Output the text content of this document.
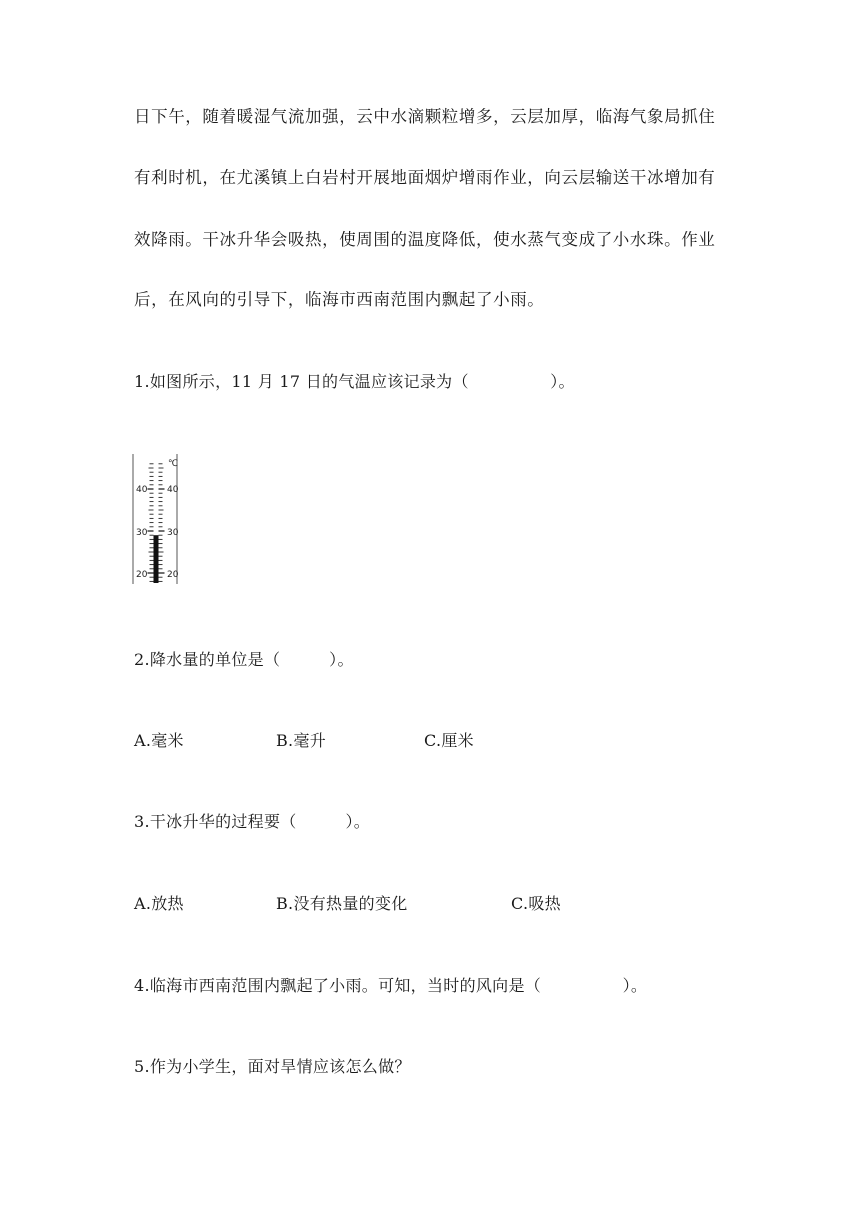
日下午，随着暖湿气流加强，云中水滴颗粒增多，云层加厚，临海气象局抓住
有利时机，在尤溪镇上白岩村开展地面烟炉增雨作业，向云层输送干冰增加有
效降雨。干冰升华会吸热，使周围的温度降低，使水蒸气变成了小水珠。作业
后，在风向的引导下，临海市西南范围内飘起了小雨。
1.如图所示，11 月 17 日的气温应该记录为（　　　　　）。
℃
40
30
20
40
30
20
2.降水量的单位是（　　　）。
A.毫米	B.毫升	C.厘米
3.干冰升华的过程要（　　　）。
A.放热	B.没有热量的变化	C.吸热
4.临海市西南范围内飘起了小雨。可知，当时的风向是（　　　　　）。
5.作为小学生，面对旱情应该怎么做？
